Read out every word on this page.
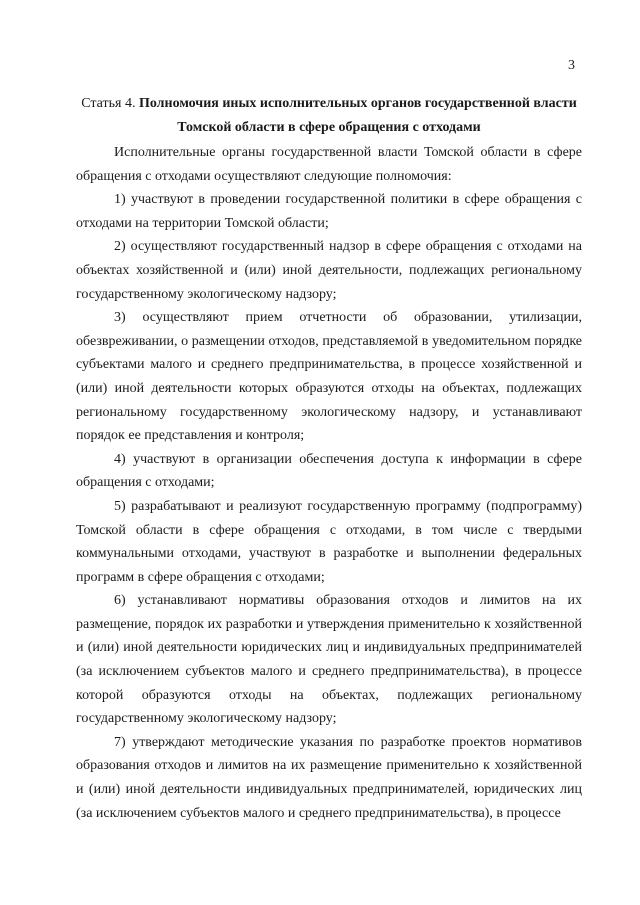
3
Статья 4. Полномочия иных исполнительных органов государственной власти Томской области в сфере обращения с отходами

Исполнительные органы государственной власти Томской области в сфере обращения с отходами осуществляют следующие полномочия:

1) участвуют в проведении государственной политики в сфере обращения с отходами на территории Томской области;

2) осуществляют государственный надзор в сфере обращения с отходами на объектах хозяйственной и (или) иной деятельности, подлежащих региональному государственному экологическому надзору;

3) осуществляют прием отчетности об образовании, утилизации, обезвреживании, о размещении отходов, представляемой в уведомительном порядке субъектами малого и среднего предпринимательства, в процессе хозяйственной и (или) иной деятельности которых образуются отходы на объектах, подлежащих региональному государственному экологическому надзору, и устанавливают порядок ее представления и контроля;

4) участвуют в организации обеспечения доступа к информации в сфере обращения с отходами;

5) разрабатывают и реализуют государственную программу (подпрограмму) Томской области в сфере обращения с отходами, в том числе с твердыми коммунальными отходами, участвуют в разработке и выполнении федеральных программ в сфере обращения с отходами;

6) устанавливают нормативы образования отходов и лимитов на их размещение, порядок их разработки и утверждения применительно к хозяйственной и (или) иной деятельности юридических лиц и индивидуальных предпринимателей (за исключением субъектов малого и среднего предпринимательства), в процессе которой образуются отходы на объектах, подлежащих региональному государственному экологическому надзору;

7) утверждают методические указания по разработке проектов нормативов образования отходов и лимитов на их размещение применительно к хозяйственной и (или) иной деятельности индивидуальных предпринимателей, юридических лиц (за исключением субъектов малого и среднего предпринимательства), в процессе
